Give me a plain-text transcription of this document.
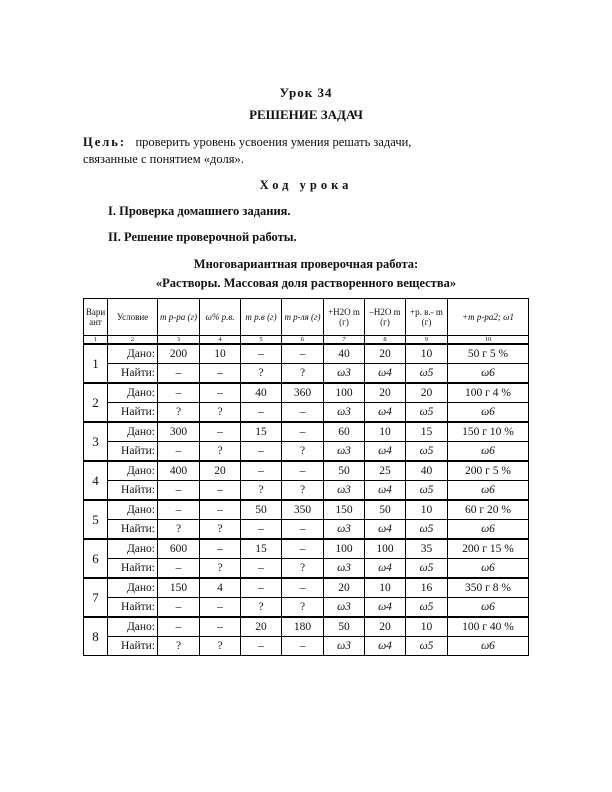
Урок 34
РЕШЕНИЕ ЗАДАЧ
Цель: проверить уровень усвоения умения решать задачи,
связанные с понятием «доля».
Ход урока
I. Проверка домашнего задания.
II. Решение проверочной работы.
Многовариантная проверочная работа:
«Растворы. Массовая доля растворенного вещества»
Вари ант	Условие	m р-ра (г)	ω% р.в.	m р.в (г)	m р-ля (г)	+H2O m (г)	–H2O m (г)	+р. в.- m (г)	+m р-ра2; ω1
1	2	3	4	5	6	7	8	9	10
1	Дано:	200	10	–	–	40	20	10	50 г 5 %
	Найти:	–	–	?	?	ω3	ω4	ω5	ω6
2	Дано:	–	–	40	360	100	20	20	100 г 4 %
	Найти:	?	?	–	–	ω3	ω4	ω5	ω6
3	Дано:	300	–	15	–	60	10	15	150 г 10 %
	Найти:	–	?	–	?	ω3	ω4	ω5	ω6
4	Дано:	400	20	–	–	50	25	40	200 г 5 %
	Найти:	–	–	?	?	ω3	ω4	ω5	ω6
5	Дано:	–	–	50	350	150	50	10	60 г 20 %
	Найти:	?	?	–	–	ω3	ω4	ω5	ω6
6	Дано:	600	–	15	–	100	100	35	200 г 15 %
	Найти:	–	?	–	?	ω3	ω4	ω5	ω6
7	Дано:	150	4	–	–	20	10	16	350 г 8 %
	Найти:	–	–	?	?	ω3	ω4	ω5	ω6
8	Дано:	–	–	20	180	50	20	10	100 г 40 %
	Найти:	?	?	–	–	ω3	ω4	ω5	ω6
